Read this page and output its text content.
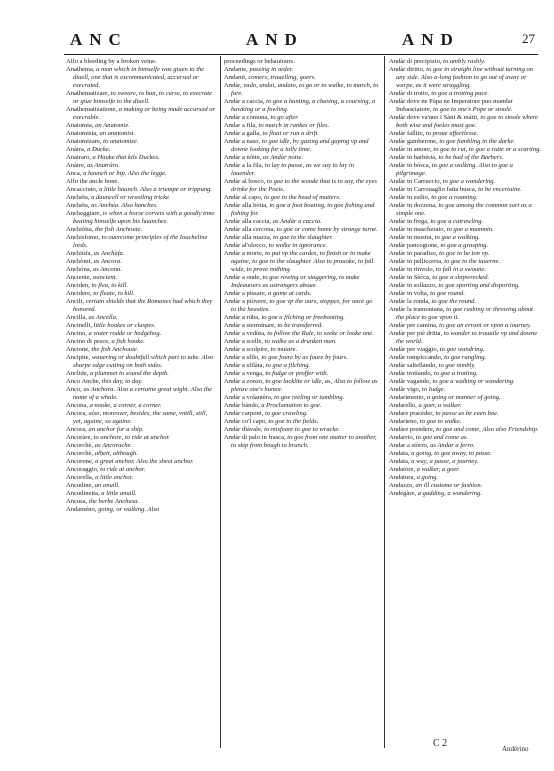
ANC	AND	AND	27

Alfo a bleeding by a broken veine.

Anathema, a man which in himselfe was giuen to the diuell, one that is excommunicated, accursed or execrated.

Anathematizare, to sweare, to ban, to curse, to execrate or giue himselfe to the diuell.

Anathematizatione, a making or being made accursed or execrable.

Anatomia, an Anatomie.

Anatomista, an anatomist.

Anatomizare, to anatomize.

Anàtra, a Ducke.

Anatraro, a Hauke that kils Duckes.

Anàtre, as Anatràro.

Anca, a haunch or hip. Also the legge.

Alfo the ancle bone.

Ancacciuto, a little haunch. Also a triumpe or trippung.

Anchéta, a dauncell or wrastling tricke.

Anchéta, as Anchéa. Also hanches.

Ancheggiare, is when a horse corvets with a goodly time beating himselfe upon his haunches.

Anchiòtta, the fish Anchouie.

Anchisfomo, to ouercome principles of the Ioucheline lords.

Anchiùfa, as Anchùfa.

Anchòmi, as Ancora.

Anchóna, as Ancona.

Anciente, auncient.

Anciden, to flea, to kill.

Ancidere, to fleate, to kill.

Ancili, certain shields that the Romanes had which they honored.

Ancilla, as Ancella.

Ancinelli, little hookes or claspes.

Ancino, a water rodde or hedgehog.

Ancino di pesce, a fish hooke.

Ancione, the fish Anchouie.

Ancipite, wauering or doubtfull which part to take. Also sharpe edge cutting on both sides.

Anclide, a plummet to sound the depth.

Anco Anche, this day, to day.

Anco, as Anchora. Also a certaine great wight. Also the name of a whale.

Ancona, a nooke, a corner, a corner.

Ancora, also, moreover, besides, the same, vntill, still, yet, againe, so againe.

Ancora, an anchor for a ship.

Ancoràre, to anchore, to ride at anchor.

Ancorchè, as Ancorache.

Ancorchè, albeit, although.

Ancorone, a great anchor. Also the sheet anchor.

Ancoraggio, to ride at anchor.

Ancorella, a little anchor.

Ancudine, an anuill.

Ancudinetta, a little anuill.

Ancusa, the herbe Anchusa.

Andaméno, going, or walking. Also

proceedings or behauiours.

Andante, passing in order.

Andanti, comers, trauelling, goers.

Andàr, vado, andai, andato, to go or to walke, to march, to fare.

Andàr a caccia, to goe a hunting, a chasing, a coursing, a hawking or a fowling.

Andàr a còmuna, to go after.

Andar a fila, to march in rankes or files.

Andàr a galla, to float or run a drift.

Andàr a naso, to goe idle, by gazing and gaping vp and downe looking for a iolly time.

Andàr a nòtte, as Andàr notte.

Andàr a la fila, to lay to passe, as we say to lay in lauender.

Andàr al bosco, to goe to the woode that is to say, the eyes drinke for the Poets.

Andàr al capo, to goe to the head of matters.

Andàr alla bòtta, to goe a foot boating, to goe fishing and fishing for.

Andàr alla caccia, as Andàr a caccia.

Andàr alla cercona, to goe or come home by strange turne.

Andàr alla mazza, to goe to the slaughter.

Andàr al'olocco, to walke in ignorance.

Andàr a morte, to put vp the cardes, to finish or to make againe, to goe to the slaughter. Also to prouoke, to fall wide, to prove nothing.

Andàr a onde, to goe rowing or staggering, to make Indeauours as astrangers aboue.

Andàr a pissare, a game at cards.

Andàr a piòvere, to goe vp the oars, stoppes, for once go to the beasties.

Andàr a rùba, to goe a filching or freebooting.

Andàr a sterminare, to be transferred.

Andàr a vedùta, to follow the Rule, to seeke or looke one.

Andàr a scelle, to walke as a drunken man.

Andàr a scolpire, to mutare.

Andàr a sfilo, to goe foure by as foure by fours.

Andàr a sfilàta, to goe a filching.

Andàr a venga, to fudge or proffer with.

Andàr a zonzo, to goe lacklite or idle, as, Also to follow as pleaze one's humor.

Andàr a volantèra, to goe reeling or tumbling.

Andàr bàndo, a Proclamation to goe.

Andàr carponi, to goe crawling.

Andàr co'l capo, to goe to the fields.

Andàr diàvale, to misfeare to goe to wracke.

Andàr di palo in frasca, to goe from one matter to another, to skip from bough to branch.

Andàr di precipizio, to ambly rashly.

Andàr diritto, to goe in straight line without turning on any side. Also a-long fashion to go out of away or warpe, as it were straggling.

Andàr di trotto, to goe a trotting pace.

Andàr dove ne Pàpa ne Imperatore puo mandar Imbasciatore, to goe to one's Pope or stoole.

Andàr dove va'nno i Sàni & màtti, to goe to stoole where both wise and fooles must goe.

Andàr fallito, to proue affectlesse.

Andàr gamberone, to goe fumbling in the darke.

Andàr in amore, to goe to rut, to goe a rutte or a scarting.

Andàr in barbèria, to be had of the Barbers.

Andàr in bósca, to goe a walking. Also to goe a pilgrimage.

Andàr in Carruccio, to goe a wandering.

Andàr in Carrouaglio fatta busca, to be vncertaine.

Andàr in esilio, to goe a roaming.

Andàr in dozzena, to goe among the common sort as a simple one.

Andàr in frega, to goe a catrawling.

Andàr in mascheraio, to goe a mummin.

Andàr in mostra, to goe a walking.

Andàr pancogione, to goe a grasping.

Andàr in paradiso, to goe to be ton vp.

Andàr in pellicceria, to goe to the tauerne.

Andàr in rinvolo, to fall in a swoune.

Andàr in Sècca, to goe a shipwrecked.

Andàr in sollazzo, to goe sporting and disporting.

Andàr in volta, to goe round.

Andàr la ronda, to goe the round.

Andàr la tramontana, to goe rushing or throwing about the place to goe vpon it.

Andàr per camina, to goe an errant or vpon a iourney.

Andàr per piè dritta, to wander to trauaile vp and downe the world.

Andàr per viaggio, to goe wandring.

Andàr rampiccando, to goe rangling.

Andàr saltellando, to goe nimbly.

Andàr trottando, to goe a trotting.

Andàr vagando, to goe a walking or wandering.

Andàr vigo, to Iudge.

Andarimento, a going or manner of going.

Andarello, a goer, a walker.

Andare pracèder, to passe as be euen boe.

Andarieno, to goe to walke.

Andàre prendere, to goe and come, Also also Friendship.

Andarrio, to goe and come as.

Andar a stòrro, as Andar a ferro.

Andata, a going, to goe away, to passe.

Andata, a way, a passe, a journey.

Andatòre, a walker, a goer.

Andatura, a going.

Andazzo, an ill custome or fashion.

Andegàre, a gadding, a wandering.

C 2	Andèrino
